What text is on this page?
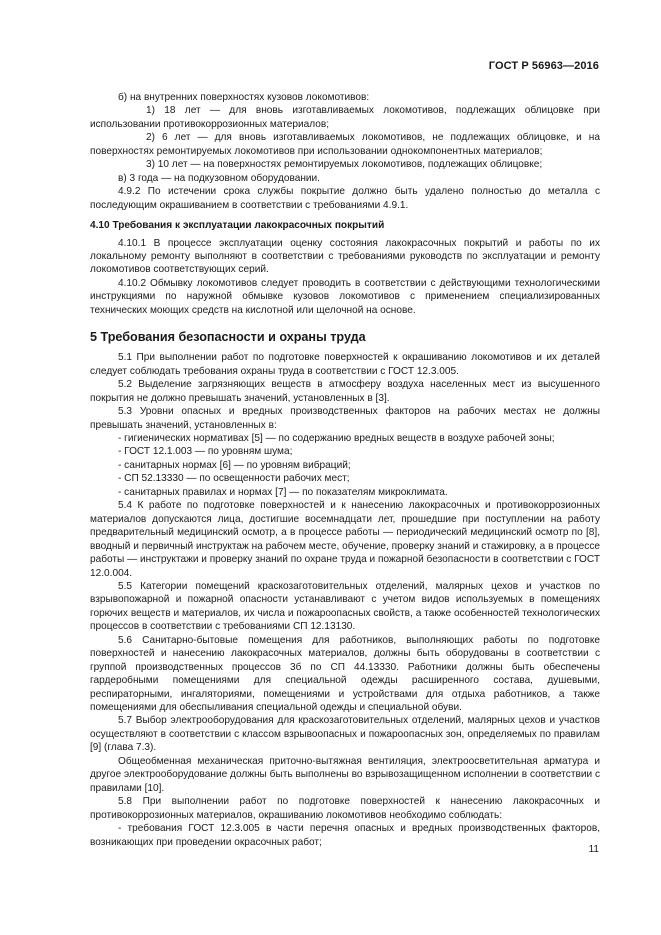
ГОСТ Р 56963—2016

б) на внутренних поверхностях кузовов локомотивов:

1) 18 лет — для вновь изготавливаемых локомотивов, подлежащих облицовке при использовании противокоррозионных материалов;

2) 6 лет — для вновь изготавливаемых локомотивов, не подлежащих облицовке, и на поверхностях ремонтируемых локомотивов при использовании однокомпонентных материалов;

3) 10 лет — на поверхностях ремонтируемых локомотивов, подлежащих облицовке;

в) 3 года — на подкузовном оборудовании.

4.9.2 По истечении срока службы покрытие должно быть удалено полностью до металла с последующим окрашиванием в соответствии с требованиями 4.9.1.

4.10 Требования к эксплуатации лакокрасочных покрытий

4.10.1 В процессе эксплуатации оценку состояния лакокрасочных покрытий и работы по их локальному ремонту выполняют в соответствии с требованиями руководств по эксплуатации и ремонту локомотивов соответствующих серий.

4.10.2 Обмывку локомотивов следует проводить в соответствии с действующими технологическими инструкциями по наружной обмывке кузовов локомотивов с применением специализированных технических моющих средств на кислотной или щелочной на основе.

5 Требования безопасности и охраны труда

5.1 При выполнении работ по подготовке поверхностей к окрашиванию локомотивов и их деталей следует соблюдать требования охраны труда в соответствии с ГОСТ 12.3.005.

5.2 Выделение загрязняющих веществ в атмосферу воздуха населенных мест из высушенного покрытия не должно превышать значений, установленных в [3].

5.3 Уровни опасных и вредных производственных факторов на рабочих местах не должны превышать значений, установленных в:

- гигиенических нормативах [5] — по содержанию вредных веществ в воздухе рабочей зоны;

- ГОСТ 12.1.003 — по уровням шума;

- санитарных нормах [6] — по уровням вибраций;

- СП 52.13330 — по освещенности рабочих мест;

- санитарных правилах и нормах [7] — по показателям микроклимата.

5.4 К работе по подготовке поверхностей и к нанесению лакокрасочных и противокоррозионных материалов допускаются лица, достигшие восемнадцати лет, прошедшие при поступлении на работу предварительный медицинский осмотр, а в процессе работы — периодический медицинский осмотр по [8], вводный и первичный инструктаж на рабочем месте, обучение, проверку знаний и стажировку, а в процессе работы — инструктажи и проверку знаний по охране труда и пожарной безопасности в соответствии с ГОСТ 12.0.004.

5.5 Категории помещений краскозаготовительных отделений, малярных цехов и участков по взрывопожарной и пожарной опасности устанавливают с учетом видов используемых в помещениях горючих веществ и материалов, их числа и пожароопасных свойств, а также особенностей технологических процессов в соответствии с требованиями СП 12.13130.

5.6 Санитарно-бытовые помещения для работников, выполняющих работы по подготовке поверхностей и нанесению лакокрасочных материалов, должны быть оборудованы в соответствии с группой производственных процессов 3б по СП 44.13330. Работники должны быть обеспечены гардеробными помещениями для специальной одежды расширенного состава, душевыми, респираторными, ингаляториями, помещениями и устройствами для отдыха работников, а также помещениями для обеспыливания специальной одежды и специальной обуви.

5.7 Выбор электрооборудования для краскозаготовительных отделений, малярных цехов и участков осуществляют в соответствии с классом взрывоопасных и пожароопасных зон, определяемых по правилам [9] (глава 7.3).

Общеобменная механическая приточно-вытяжная вентиляция, электроосветительная арматура и другое электрооборудование должны быть выполнены во взрывозащищенном исполнении в соответствии с правилами [10].

5.8 При выполнении работ по подготовке поверхностей к нанесению лакокрасочных и противокоррозионных материалов, окрашиванию локомотивов необходимо соблюдать:

- требования ГОСТ 12.3.005 в части перечня опасных и вредных производственных факторов, возникающих при проведении окрасочных работ;

11
